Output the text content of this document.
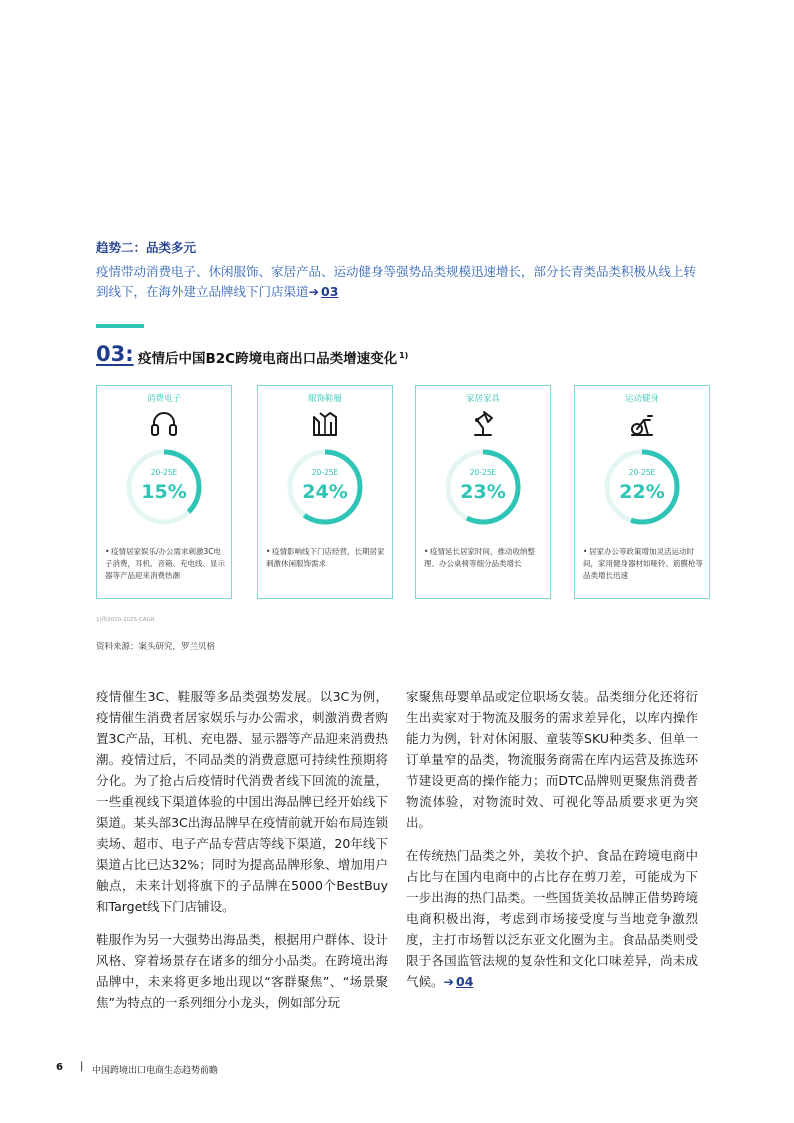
趋势二：品类多元
疫情带动消费电子、休闲服饰、家居产品、运动健身等强势品类规模迅速增长，部分长青类品类积极从线上转到线下，在海外建立品牌线下门店渠道➔ 03
03: 疫情后中国B2C跨境电商出口品类增速变化 $^{1)}$
消费电子
20-25E
15%
• 疫情居家娱乐/办公需求刺激3C电子消费，耳机、音箱、充电线、显示器等产品迎来消费热潮
服饰鞋履
20-25E
24%
• 疫情影响线下门店经营，长期居家刺激休闲服饰需求
家居家具
20-25E
23%
• 疫情延长居家时间，推动收纳整理、办公桌椅等细分品类增长
运动健身
20-25E
22%
• 居家办公等政策增加灵活运动时间，家用健身器材如哑铃、筋膜枪等品类增长迅速
1)指2020-2025 CAGR
资料来源：案头研究，罗兰贝格

疫情催生3C、鞋服等多品类强势发展。以3C为例，疫情催生消费者居家娱乐与办公需求，刺激消费者购置3C产品，耳机、充电器、显示器等产品迎来消费热潮。疫情过后，不同品类的消费意愿可持续性预期将分化。为了抢占后疫情时代消费者线下回流的流量，一些重视线下渠道体验的中国出海品牌已经开始线下渠道。某头部3C出海品牌早在疫情前就开始布局连锁卖场、超市、电子产品专营店等线下渠道，20年线下渠道占比已达32%；同时为提高品牌形象、增加用户触点，未来计划将旗下的子品牌在5000个BestBuy和Target线下门店铺设。

鞋服作为另一大强势出海品类，根据用户群体、设计风格、穿着场景存在诸多的细分小品类。在跨境出海品牌中，未来将更多地出现以“客群聚焦”、“场景聚焦”为特点的一系列细分小龙头，例如部分玩

家聚焦母婴单品或定位职场女装。品类细分化还将衍生出卖家对于物流及服务的需求差异化，以库内操作能力为例，针对休闲服、童装等SKU种类多、但单一订单量窄的品类，物流服务商需在库内运营及拣选环节建设更高的操作能力；而DTC品牌则更聚焦消费者物流体验，对物流时效、可视化等品质要求更为突出。

在传统热门品类之外，美妆个护、食品在跨境电商中占比与在国内电商中的占比存在剪刀差，可能成为下一步出海的热门品类。一些国货美妆品牌正借势跨境电商积极出海，考虑到市场接受度与当地竞争激烈度，主打市场暂以泛东亚文化圈为主。食品品类则受限于各国监管法规的复杂性和文化口味差异，尚未成气候。➔ 04

6 | 中国跨境出口电商生态趋势前瞻
